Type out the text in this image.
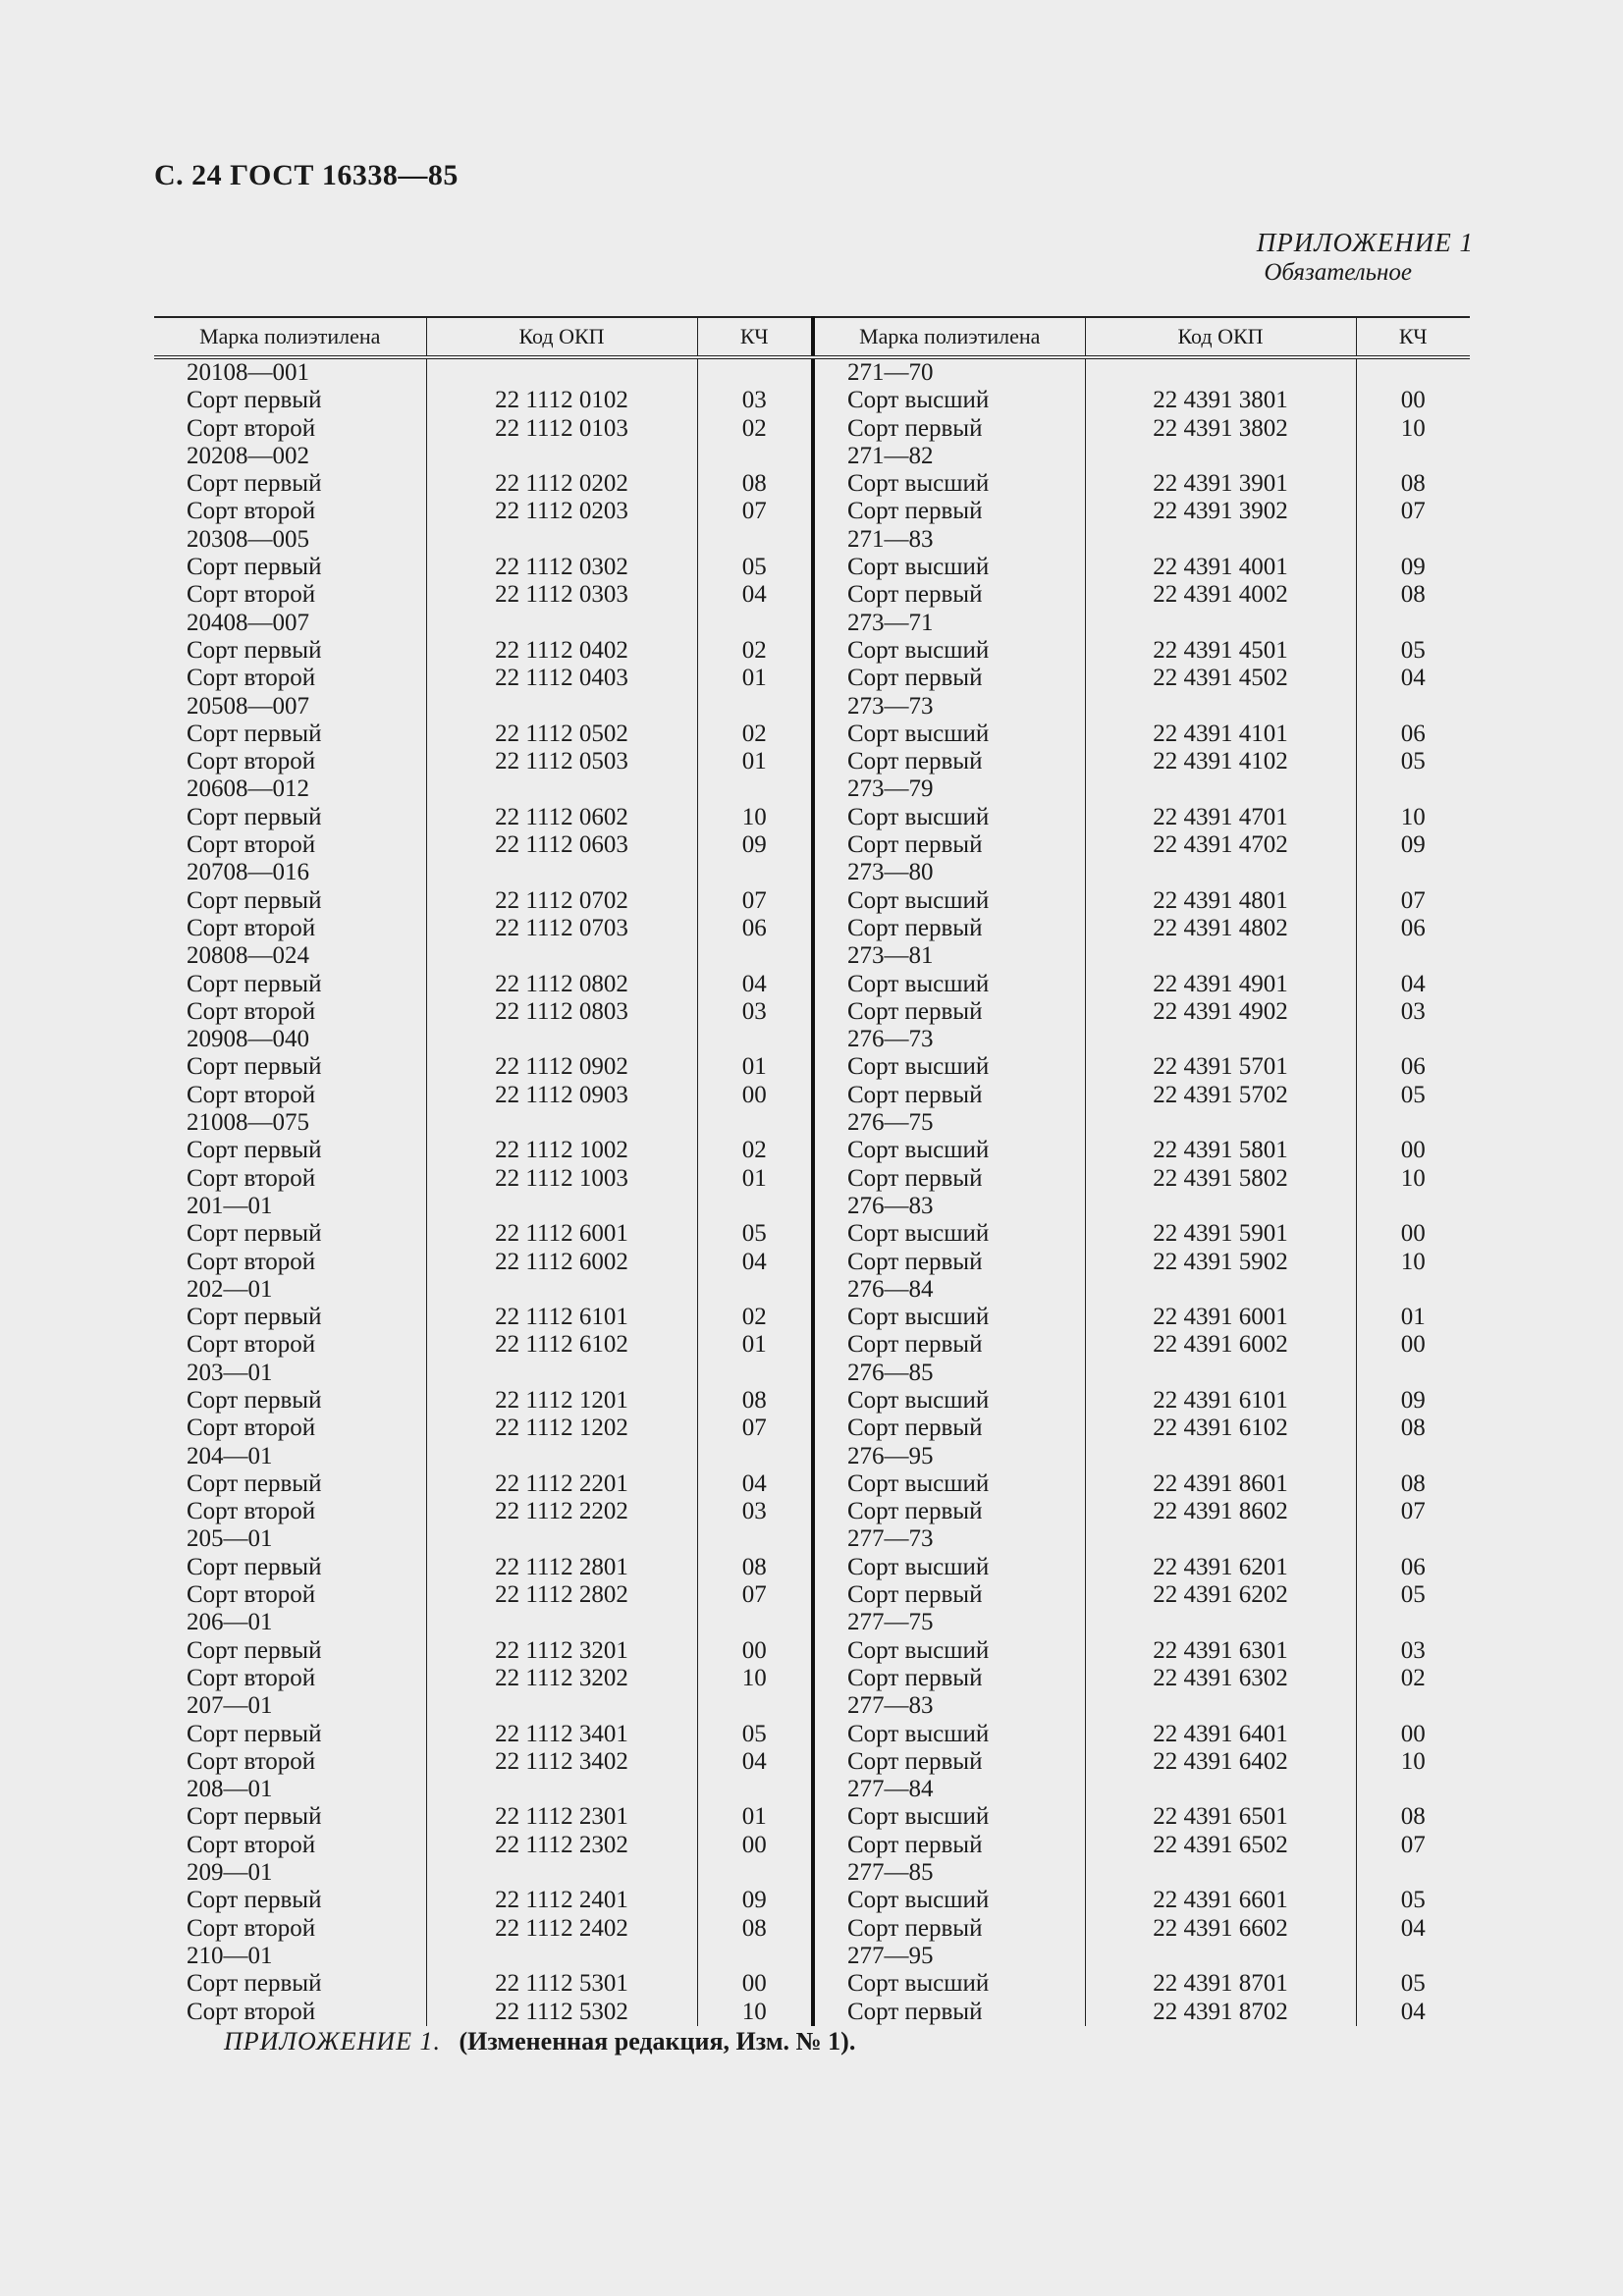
С. 24 ГОСТ 16338—85
ПРИЛОЖЕНИЕ 1
Обязательное
Марка полиэтилена	Код ОКП	КЧ
20108—001		
Сорт первый	22 1112 0102	03
Сорт второй	22 1112 0103	02
20208—002		
Сорт первый	22 1112 0202	08
Сорт второй	22 1112 0203	07
20308—005		
Сорт первый	22 1112 0302	05
Сорт второй	22 1112 0303	04
20408—007		
Сорт первый	22 1112 0402	02
Сорт второй	22 1112 0403	01
20508—007		
Сорт первый	22 1112 0502	02
Сорт второй	22 1112 0503	01
20608—012		
Сорт первый	22 1112 0602	10
Сорт второй	22 1112 0603	09
20708—016		
Сорт первый	22 1112 0702	07
Сорт второй	22 1112 0703	06
20808—024		
Сорт первый	22 1112 0802	04
Сорт второй	22 1112 0803	03
20908—040		
Сорт первый	22 1112 0902	01
Сорт второй	22 1112 0903	00
21008—075		
Сорт первый	22 1112 1002	02
Сорт второй	22 1112 1003	01
201—01		
Сорт первый	22 1112 6001	05
Сорт второй	22 1112 6002	04
202—01		
Сорт первый	22 1112 6101	02
Сорт второй	22 1112 6102	01
203—01		
Сорт первый	22 1112 1201	08
Сорт второй	22 1112 1202	07
204—01		
Сорт первый	22 1112 2201	04
Сорт второй	22 1112 2202	03
205—01		
Сорт первый	22 1112 2801	08
Сорт второй	22 1112 2802	07
206—01		
Сорт первый	22 1112 3201	00
Сорт второй	22 1112 3202	10
207—01		
Сорт первый	22 1112 3401	05
Сорт второй	22 1112 3402	04
208—01		
Сорт первый	22 1112 2301	01
Сорт второй	22 1112 2302	00
209—01		
Сорт первый	22 1112 2401	09
Сорт второй	22 1112 2402	08
210—01		
Сорт первый	22 1112 5301	00
Сорт второй	22 1112 5302	10
Марка полиэтилена	Код ОКП	КЧ
271—70		
Сорт высший	22 4391 3801	00
Сорт первый	22 4391 3802	10
271—82		
Сорт высший	22 4391 3901	08
Сорт первый	22 4391 3902	07
271—83		
Сорт высший	22 4391 4001	09
Сорт первый	22 4391 4002	08
273—71		
Сорт высший	22 4391 4501	05
Сорт первый	22 4391 4502	04
273—73		
Сорт высший	22 4391 4101	06
Сорт первый	22 4391 4102	05
273—79		
Сорт высший	22 4391 4701	10
Сорт первый	22 4391 4702	09
273—80		
Сорт высший	22 4391 4801	07
Сорт первый	22 4391 4802	06
273—81		
Сорт высший	22 4391 4901	04
Сорт первый	22 4391 4902	03
276—73		
Сорт высший	22 4391 5701	06
Сорт первый	22 4391 5702	05
276—75		
Сорт высший	22 4391 5801	00
Сорт первый	22 4391 5802	10
276—83		
Сорт высший	22 4391 5901	00
Сорт первый	22 4391 5902	10
276—84		
Сорт высший	22 4391 6001	01
Сорт первый	22 4391 6002	00
276—85		
Сорт высший	22 4391 6101	09
Сорт первый	22 4391 6102	08
276—95		
Сорт высший	22 4391 8601	08
Сорт первый	22 4391 8602	07
277—73		
Сорт высший	22 4391 6201	06
Сорт первый	22 4391 6202	05
277—75		
Сорт высший	22 4391 6301	03
Сорт первый	22 4391 6302	02
277—83		
Сорт высший	22 4391 6401	00
Сорт первый	22 4391 6402	10
277—84		
Сорт высший	22 4391 6501	08
Сорт первый	22 4391 6502	07
277—85		
Сорт высший	22 4391 6601	05
Сорт первый	22 4391 6602	04
277—95		
Сорт высший	22 4391 8701	05
Сорт первый	22 4391 8702	04
ПРИЛОЖЕНИЕ 1. (Измененная редакция, Изм. № 1).
